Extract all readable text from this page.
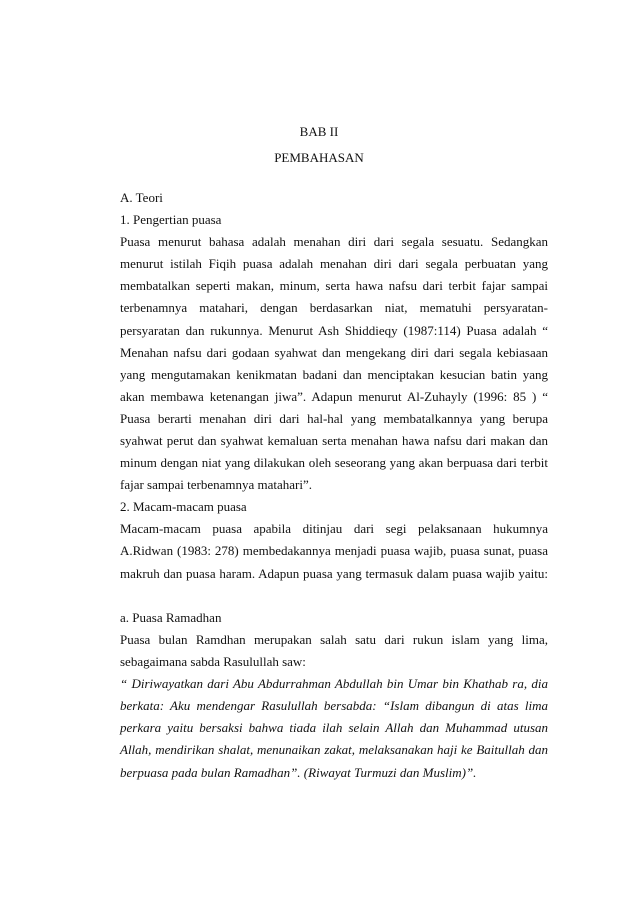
BAB II
PEMBAHASAN

A. Teori

1. Pengertian puasa

Puasa menurut bahasa adalah menahan diri dari segala sesuatu. Sedangkan

menurut istilah Fiqih puasa adalah menahan diri dari segala perbuatan yang

membatalkan seperti makan, minum, serta hawa nafsu dari terbit fajar sampai

terbenamnya matahari, dengan berdasarkan niat, mematuhi persyaratan-

persyaratan dan rukunnya. Menurut Ash Shiddieqy (1987:114) Puasa adalah “

Menahan nafsu dari godaan syahwat dan mengekang diri dari segala kebiasaan

yang mengutamakan kenikmatan badani dan menciptakan kesucian batin yang

akan membawa ketenangan jiwa”. Adapun menurut Al-Zuhayly (1996: 85 ) “

Puasa berarti menahan diri dari hal-hal yang membatalkannya yang berupa

syahwat perut dan syahwat kemaluan serta menahan hawa nafsu dari makan dan

minum dengan niat yang dilakukan oleh seseorang yang akan berpuasa dari terbit

fajar sampai terbenamnya matahari”.

2. Macam-macam puasa

Macam-macam puasa apabila ditinjau dari segi pelaksanaan hukumnya

A.Ridwan (1983: 278) membedakannya menjadi puasa wajib, puasa sunat, puasa

makruh dan puasa haram. Adapun puasa yang termasuk dalam puasa wajib yaitu:

a. Puasa Ramadhan

Puasa bulan Ramdhan merupakan salah satu dari rukun islam yang lima,

sebagaimana sabda Rasulullah saw:

“ Diriwayatkan dari Abu Abdurrahman Abdullah bin Umar bin Khathab ra, dia

berkata: Aku mendengar Rasulullah bersabda: “Islam dibangun di atas lima

perkara yaitu bersaksi bahwa tiada ilah selain Allah dan Muhammad utusan

Allah, mendirikan shalat, menunaikan zakat, melaksanakan haji ke Baitullah dan

berpuasa pada bulan Ramadhan”. (Riwayat Turmuzi dan Muslim)”.
